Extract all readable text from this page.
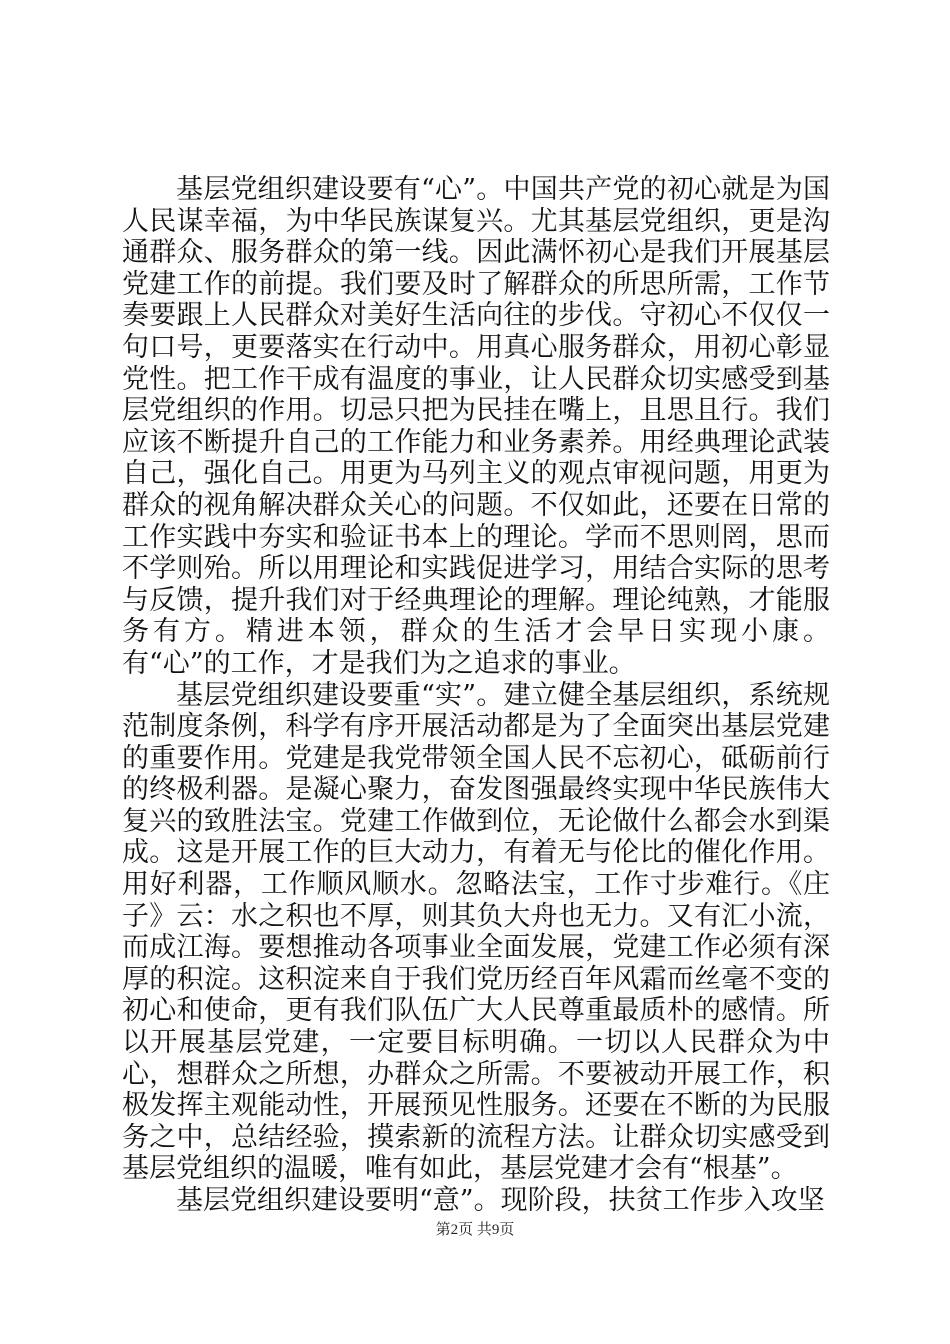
基层党组织建设要有“心”。中国共产党的初心就是为国人民谋幸福，为中华民族谋复兴。尤其基层党组织，更是沟通群众、服务群众的第一线。因此满怀初心是我们开展基层党建工作的前提。我们要及时了解群众的所思所需，工作节奏要跟上人民群众对美好生活向往的步伐。守初心不仅仅一句口号，更要落实在行动中。用真心服务群众，用初心彰显党性。把工作干成有温度的事业，让人民群众切实感受到基层党组织的作用。切忌只把为民挂在嘴上，且思且行。我们应该不断提升自己的工作能力和业务素养。用经典理论武装自己，强化自己。用更为马列主义的观点审视问题，用更为群众的视角解决群众关心的问题。不仅如此，还要在日常的工作实践中夯实和验证书本上的理论。学而不思则罔，思而不学则殆。所以用理论和实践促进学习，用结合实际的思考与反馈，提升我们对于经典理论的理解。理论纯熟，才能服务有方。精进本领，群众的生活才会早日实现小康。有“心”的工作，才是我们为之追求的事业。

基层党组织建设要重“实”。建立健全基层组织，系统规范制度条例，科学有序开展活动都是为了全面突出基层党建的重要作用。党建是我党带领全国人民不忘初心，砥砺前行的终极利器。是凝心聚力，奋发图强最终实现中华民族伟大复兴的致胜法宝。党建工作做到位，无论做什么都会水到渠成。这是开展工作的巨大动力，有着无与伦比的催化作用。用好利器，工作顺风顺水。忽略法宝，工作寸步难行。《庄子》云：水之积也不厚，则其负大舟也无力。又有汇小流，而成江海。要想推动各项事业全面发展，党建工作必须有深厚的积淀。这积淀来自于我们党历经百年风霜而丝毫不变的初心和使命，更有我们队伍广大人民尊重最质朴的感情。所以开展基层党建，一定要目标明确。一切以人民群众为中心，想群众之所想，办群众之所需。不要被动开展工作，积极发挥主观能动性，开展预见性服务。还要在不断的为民服务之中，总结经验，摸索新的流程方法。让群众切实感受到基层党组织的温暖，唯有如此，基层党建才会有“根基”。

基层党组织建设要明“意”。现阶段，扶贫工作步入攻坚

第2页 共9页
